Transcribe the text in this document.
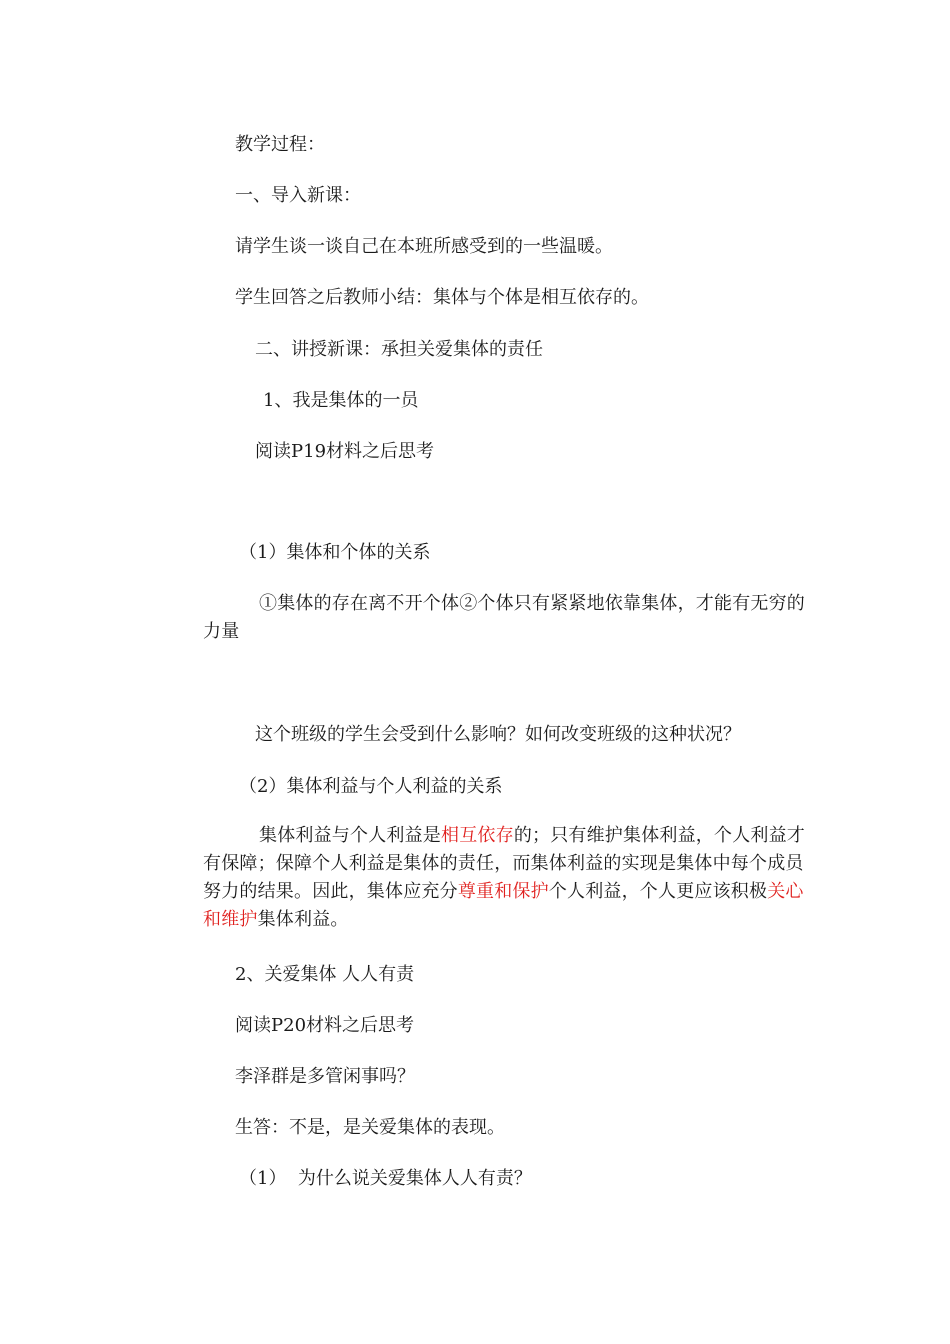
教学过程：
一、导入新课：
请学生谈一谈自己在本班所感受到的一些温暖。
学生回答之后教师小结：集体与个体是相互依存的。
二、讲授新课：承担关爱集体的责任
1、我是集体的一员
阅读P19材料之后思考
（1）集体和个体的关系
①集体的存在离不开个体②个体只有紧紧地依靠集体，才能有无穷的力量
这个班级的学生会受到什么影响？如何改变班级的这种状况？
（2）集体利益与个人利益的关系
集体利益与个人利益是相互依存的；只有维护集体利益，个人利益才有保障；保障个人利益是集体的责任，而集体利益的实现是集体中每个成员努力的结果。因此，集体应充分尊重和保护个人利益，个人更应该积极关心和维护集体利益。
2、关爱集体 人人有责
阅读P20材料之后思考
李泽群是多管闲事吗？
生答：不是，是关爱集体的表现。
（1）  为什么说关爱集体人人有责？
